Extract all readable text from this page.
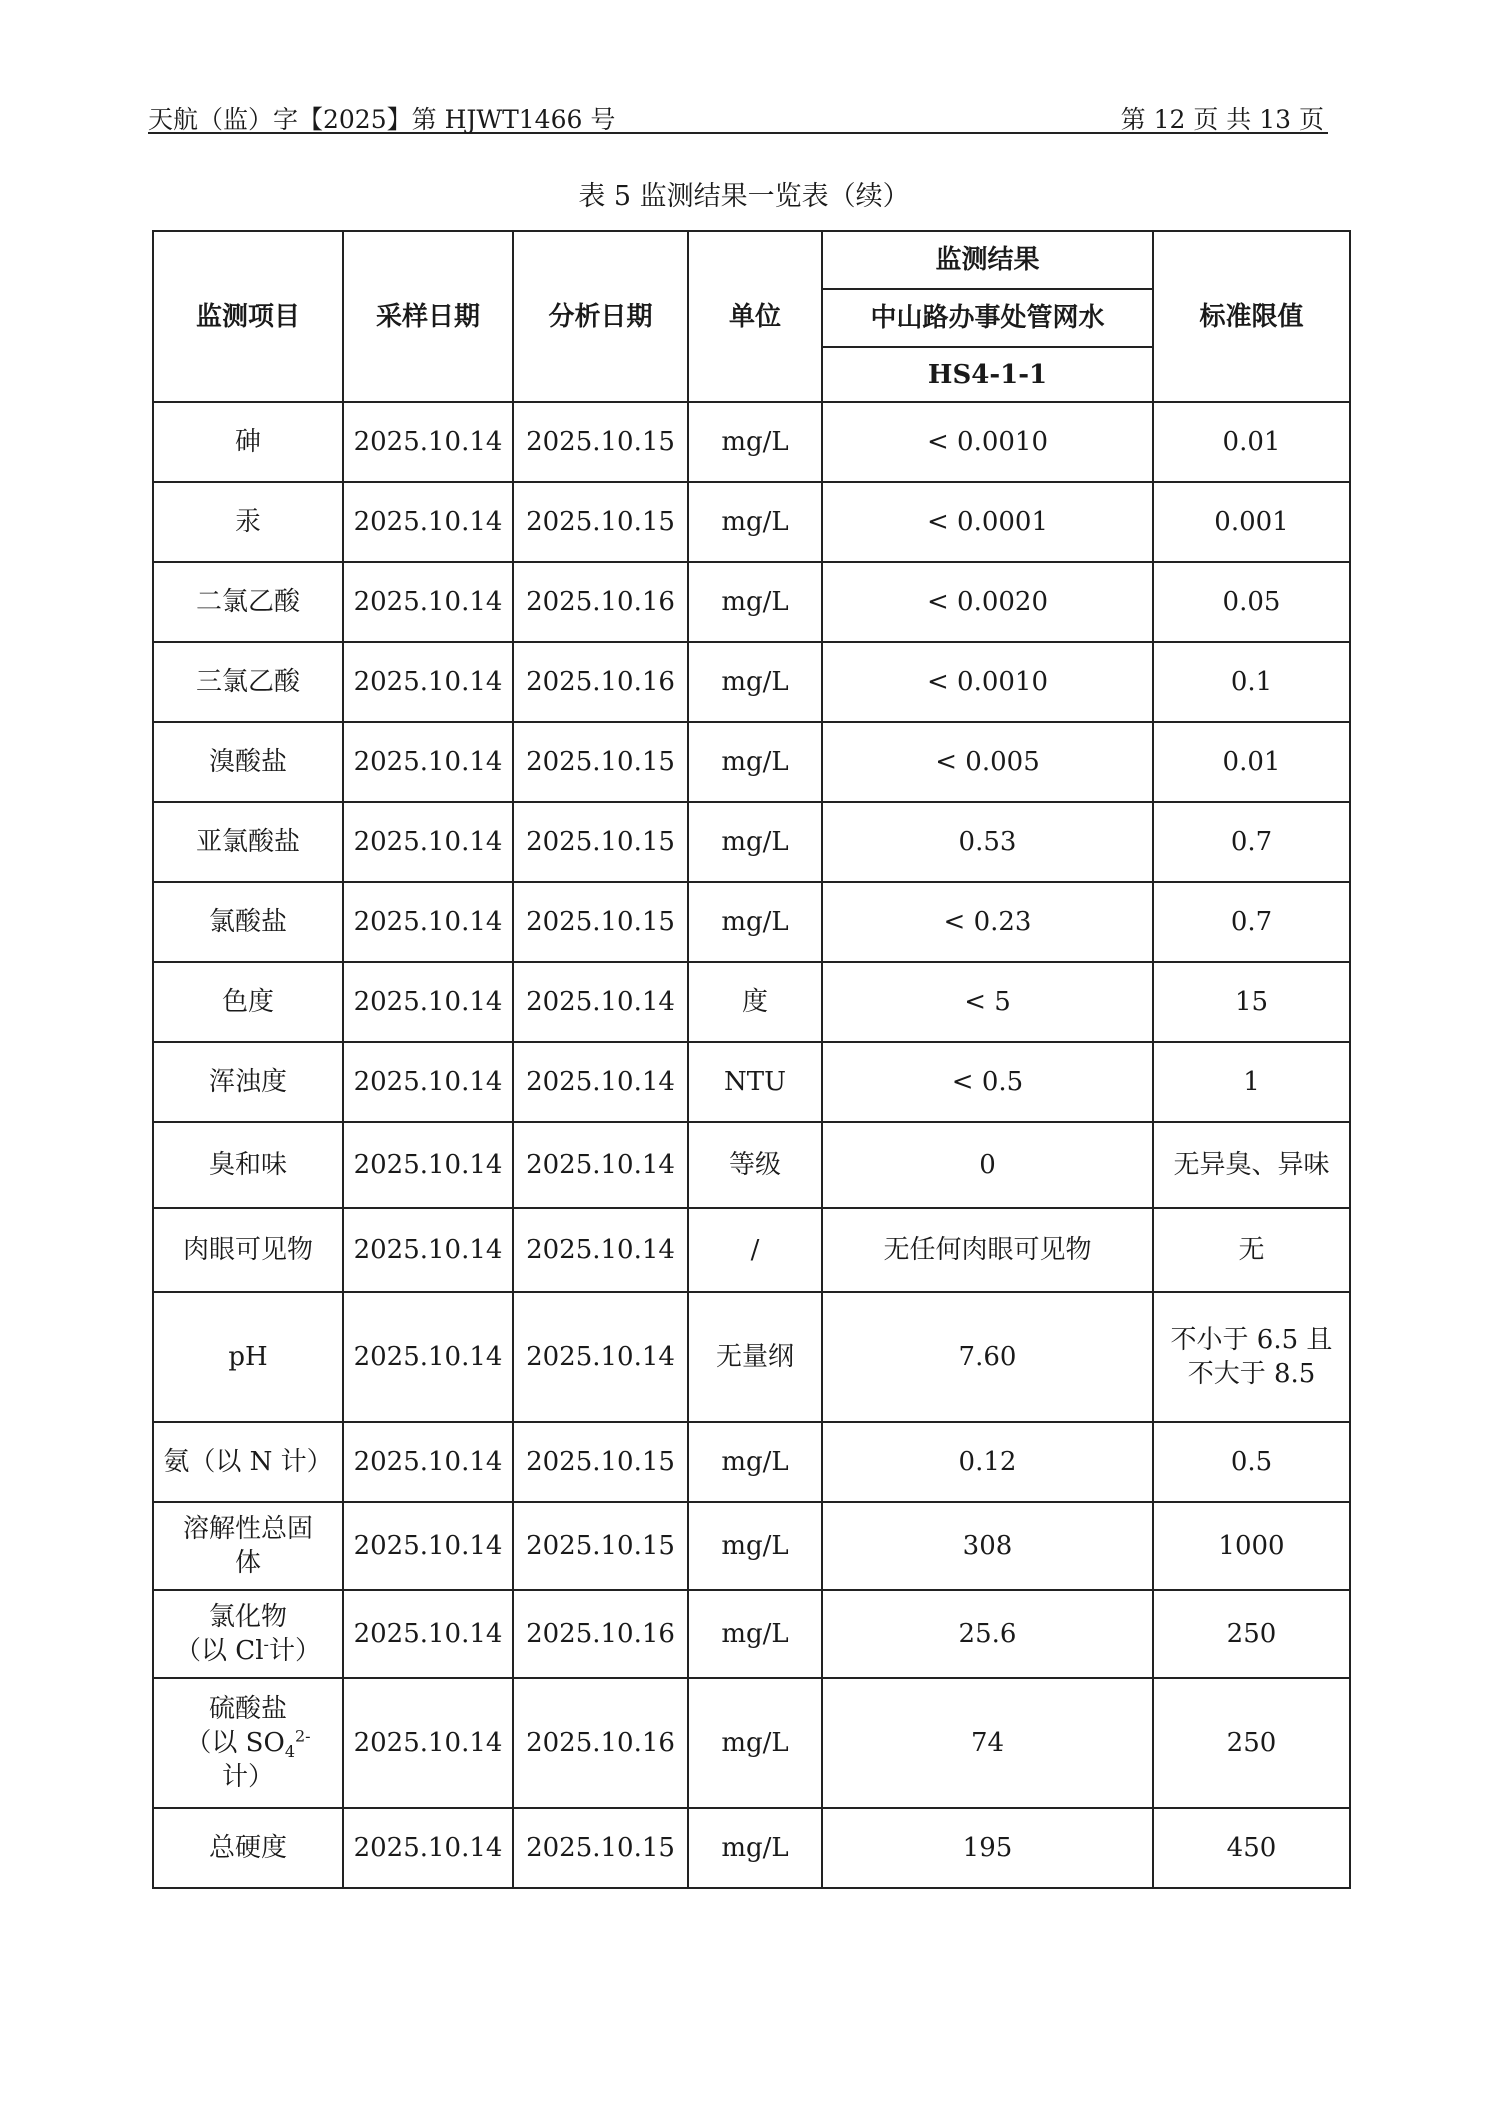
天航（监）字【2025】第 HJWT1466 号	第 12 页 共 13 页
表 5 监测结果一览表（续）
监测项目	采样日期	分析日期	单位	监测结果	标准限值
				中山路办事处管网水	
				HS4-1-1	
砷	2025.10.14	2025.10.15	mg/L	< 0.0010	0.01
汞	2025.10.14	2025.10.15	mg/L	< 0.0001	0.001
二氯乙酸	2025.10.14	2025.10.16	mg/L	< 0.0020	0.05
三氯乙酸	2025.10.14	2025.10.16	mg/L	< 0.0010	0.1
溴酸盐	2025.10.14	2025.10.15	mg/L	< 0.005	0.01
亚氯酸盐	2025.10.14	2025.10.15	mg/L	0.53	0.7
氯酸盐	2025.10.14	2025.10.15	mg/L	< 0.23	0.7
色度	2025.10.14	2025.10.14	度	< 5	15
浑浊度	2025.10.14	2025.10.14	NTU	< 0.5	1
臭和味	2025.10.14	2025.10.14	等级	0	无异臭、异味
肉眼可见物	2025.10.14	2025.10.14	/	无任何肉眼可见物	无
pH	2025.10.14	2025.10.14	无量纲	7.60	不小于 6.5 且
不大于 8.5

氨（以 N 计）	2025.10.14	2025.10.15	mg/L	0.12	0.5

溶解性总固
体	2025.10.14	2025.10.15	mg/L	308	1000

氯化物
（以 Cl-计）	2025.10.14	2025.10.16	mg/L	25.6	250

硫酸盐
（以 $SO_4^{2-}$
计）	2025.10.14	2025.10.16	mg/L	74	250
总硬度	2025.10.14	2025.10.15	mg/L	195	450
